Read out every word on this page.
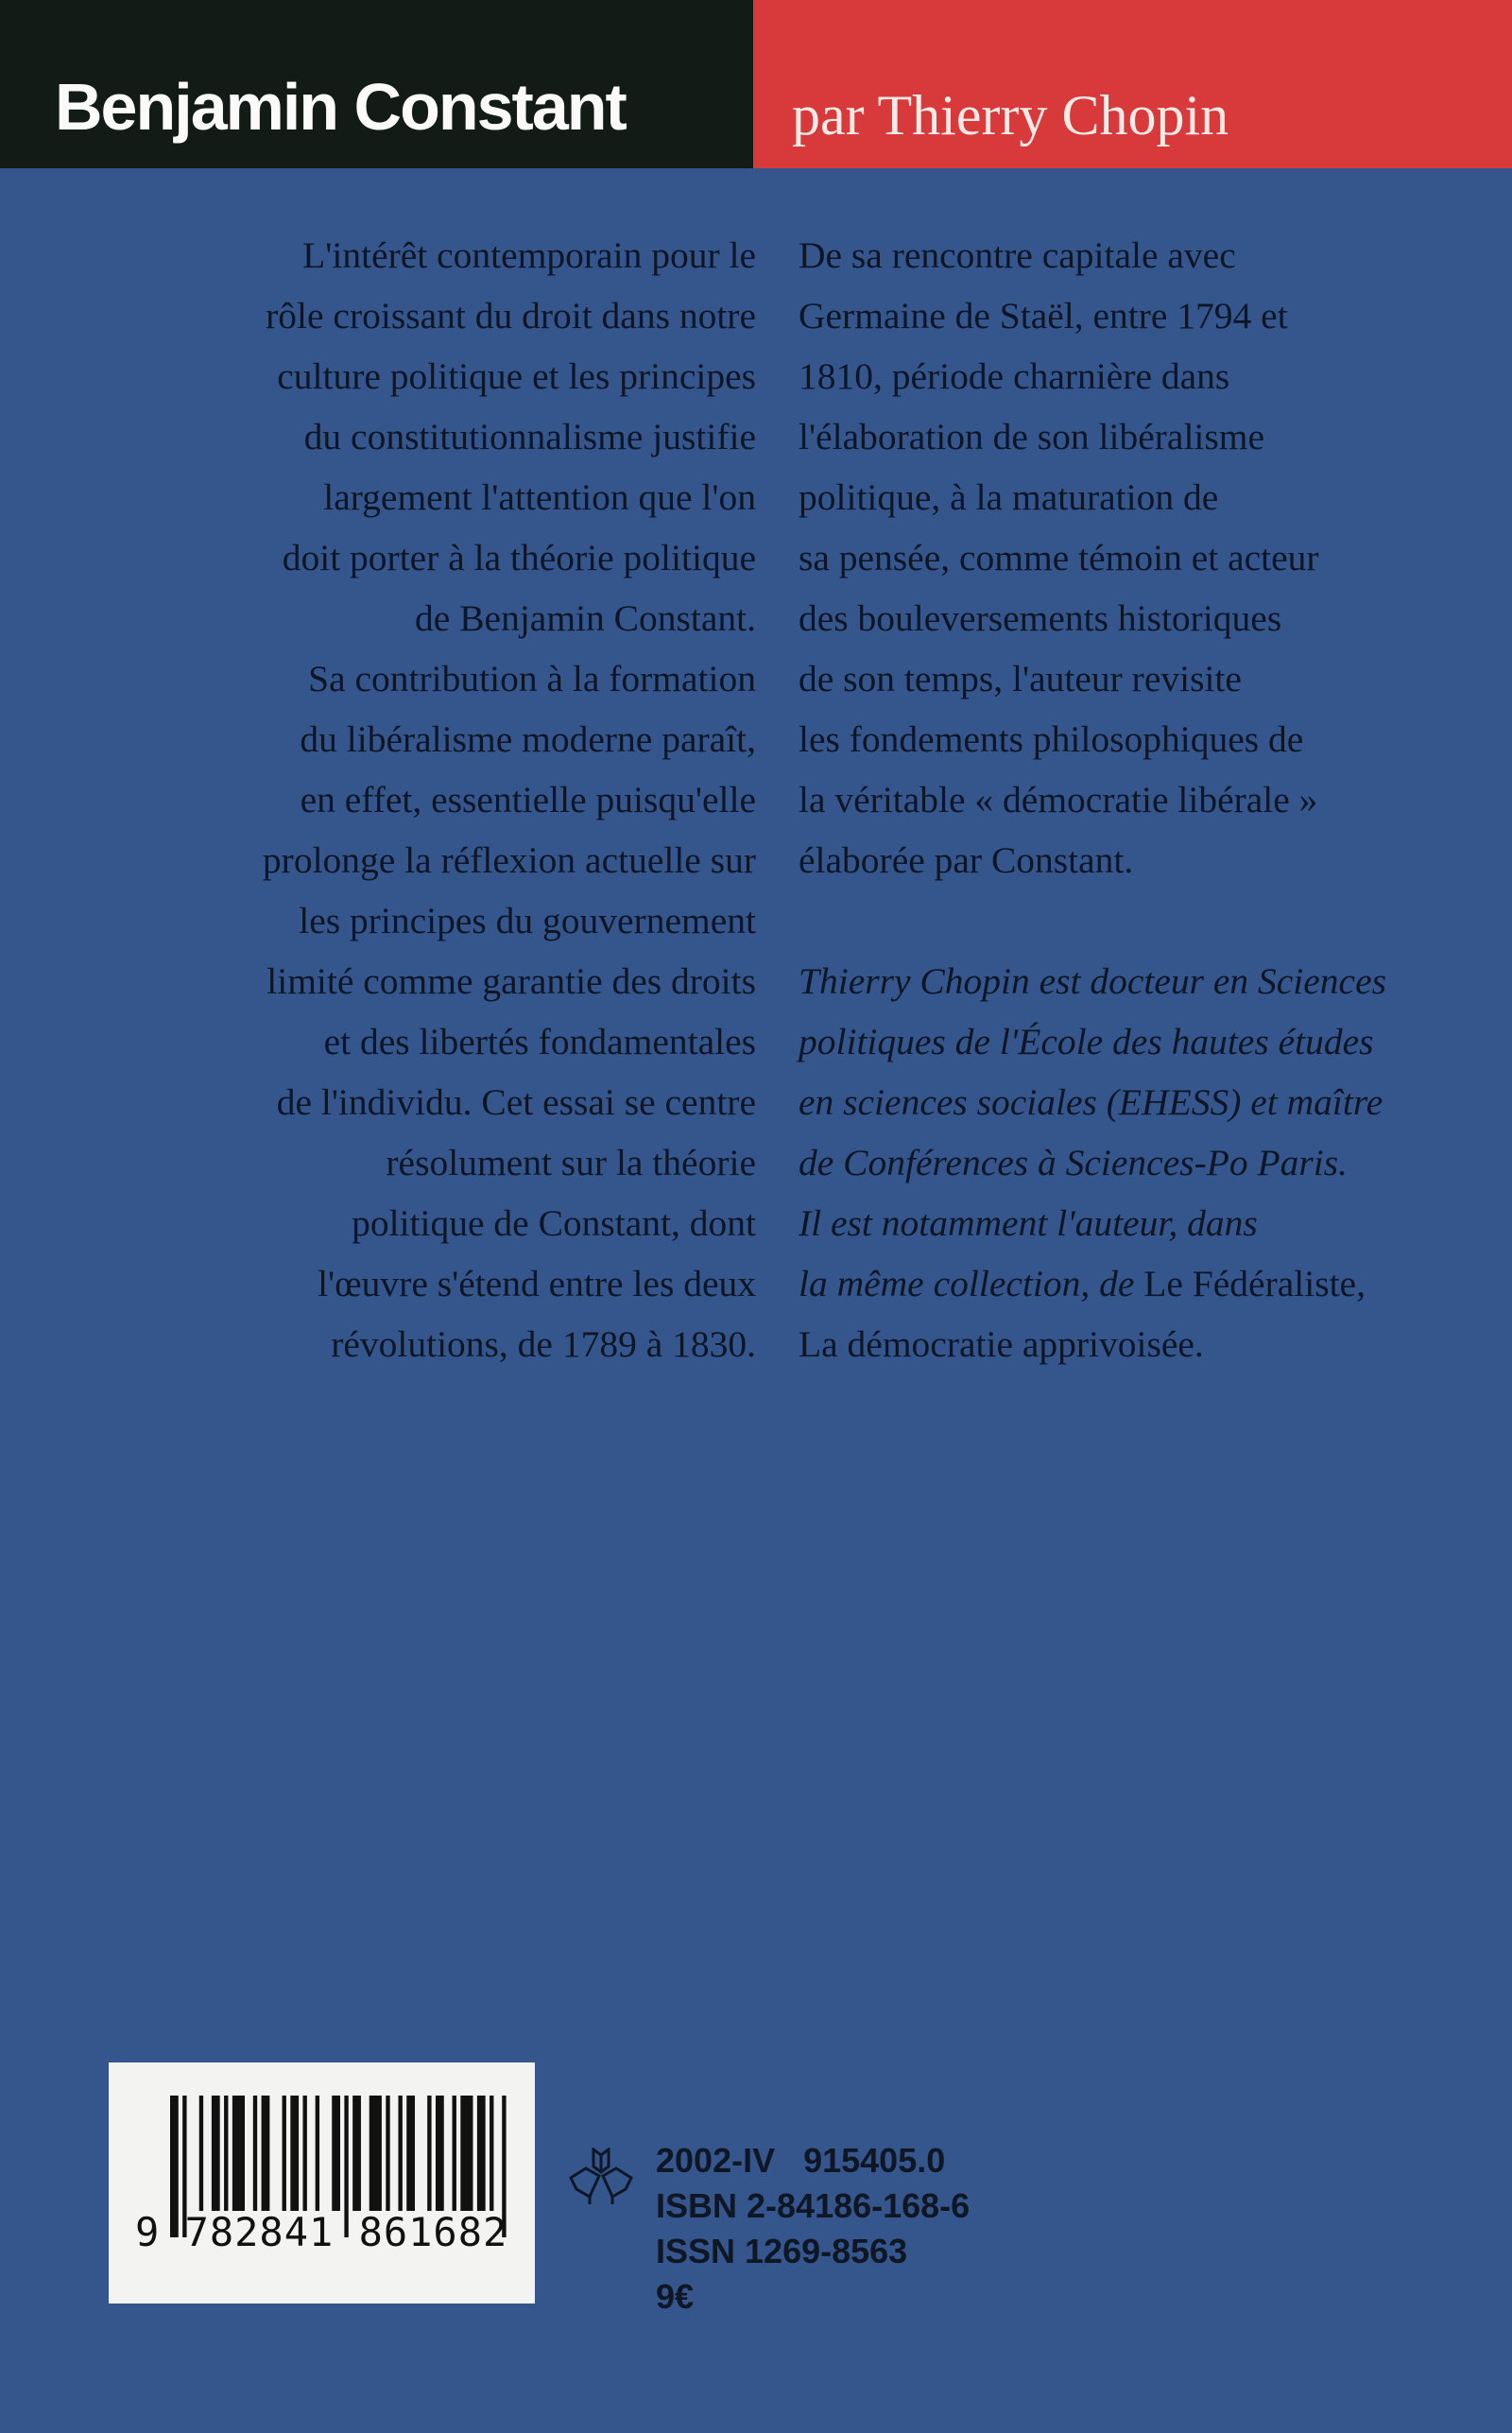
Benjamin Constant	par Thierry Chopin
L'intérêt contemporain pour le
rôle croissant du droit dans notre
culture politique et les principes
du constitutionnalisme justifie
largement l'attention que l'on
doit porter à la théorie politique
de Benjamin Constant.
Sa contribution à la formation
du libéralisme moderne paraît,
en effet, essentielle puisqu'elle
prolonge la réflexion actuelle sur
les principes du gouvernement
limité comme garantie des droits
et des libertés fondamentales
de l'individu. Cet essai se centre
résolument sur la théorie
politique de Constant, dont
l'œuvre s'étend entre les deux
révolutions, de 1789 à 1830.
De sa rencontre capitale avec
Germaine de Staël, entre 1794 et
1810, période charnière dans
l'élaboration de son libéralisme
politique, à la maturation de
sa pensée, comme témoin et acteur
des bouleversements historiques
de son temps, l'auteur revisite
les fondements philosophiques de
la véritable « démocratie libérale »
élaborée par Constant.
Thierry Chopin est docteur en Sciences
politiques de l'École des hautes études
en sciences sociales (EHESS) et maître
de Conférences à Sciences-Po Paris.
Il est notamment l'auteur, dans
la même collection, de Le Fédéraliste,
La démocratie apprivoisée.
9 782841 861682
2002-IV   915405.0
ISBN 2-84186-168-6
ISSN 1269-8563
9€
